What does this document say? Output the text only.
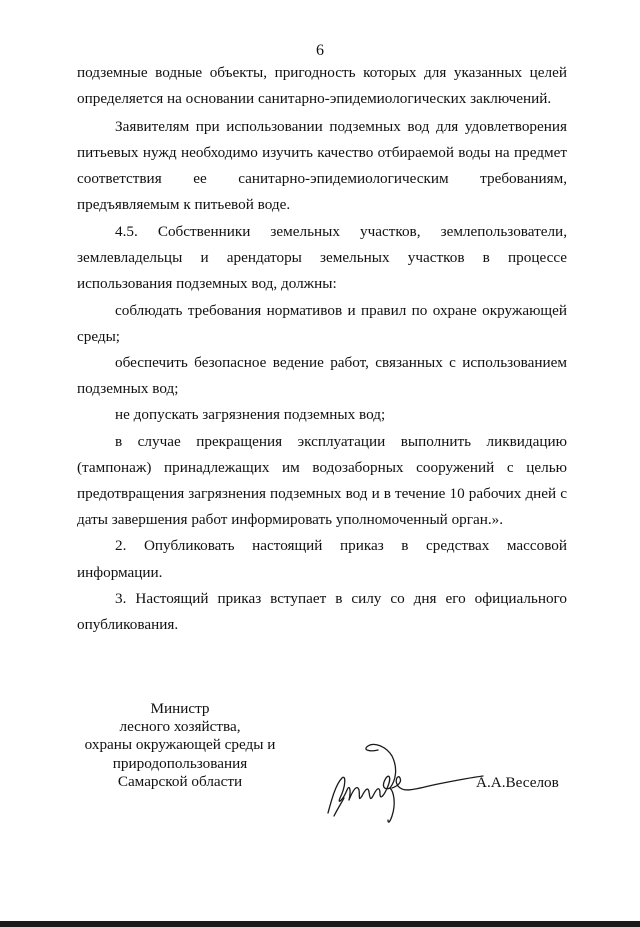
6

подземные водные объекты, пригодность которых для указанных целей
определяется на основании санитарно-эпидемиологических заключений.

Заявителям при использовании подземных вод для удовлетворения
питьевых нужд необходимо изучить качество отбираемой воды на предмет
соответствия ее санитарно-эпидемиологическим требованиям,
предъявляемым к питьевой воде.

4.5. Собственники земельных участков, землепользователи,
землевладельцы и арендаторы земельных участков в процессе
использования подземных вод, должны:

соблюдать требования нормативов и правил по охране окружающей
среды;

обеспечить безопасное ведение работ, связанных с использованием
подземных вод;

не допускать загрязнения подземных вод;

в случае прекращения эксплуатации выполнить ликвидацию
(тампонаж) принадлежащих им водозаборных сооружений с целью
предотвращения загрязнения подземных вод и в течение 10 рабочих дней с
даты завершения работ информировать уполномоченный орган.».

2. Опубликовать настоящий приказ в средствах массовой
информации.

3. Настоящий приказ вступает в силу со дня его официального
опубликования.

Министр
лесного хозяйства,
охраны окружающей среды и
природопользования
Самарской области	А.А.Веселов
